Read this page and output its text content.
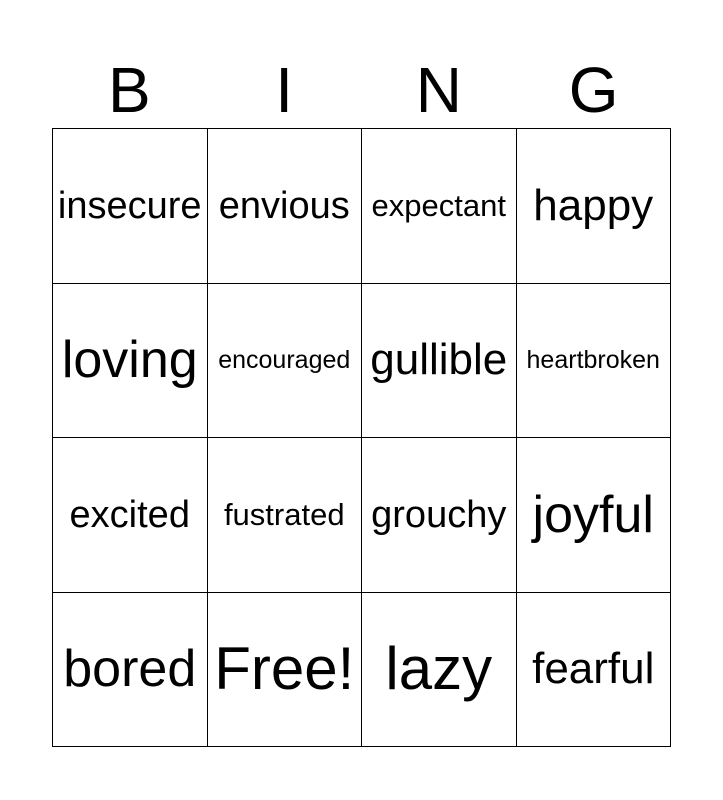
B	I	N	G
insecure envious expectant happy
loving encouraged gullible heartbroken
excited fustrated grouchy joyful
bored Free! lazy fearful
